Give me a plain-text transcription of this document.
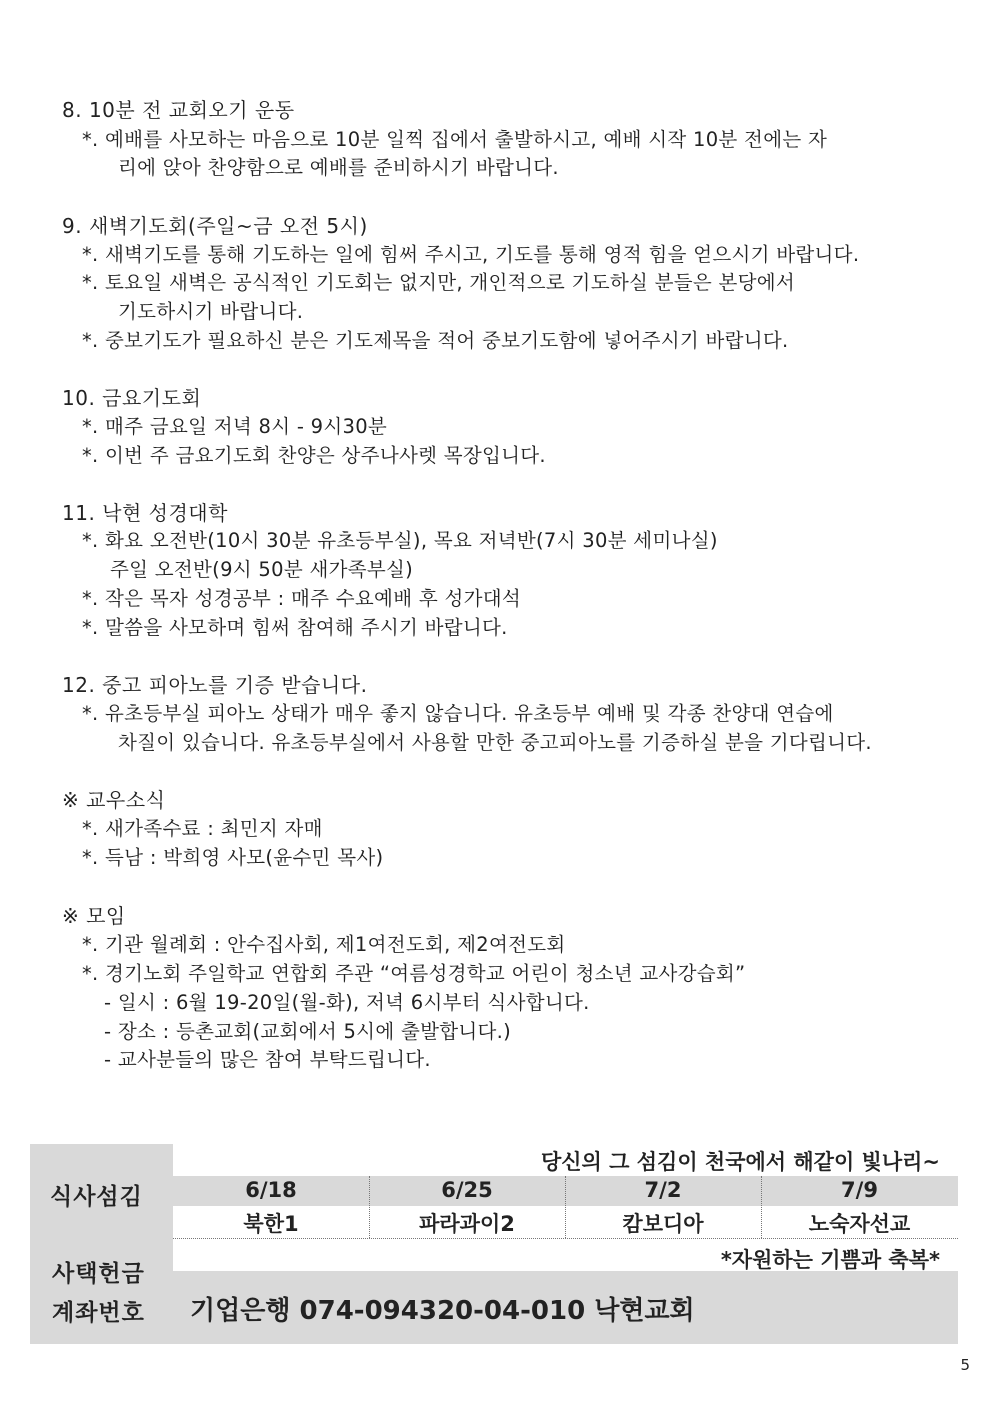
8. 10분 전 교회오기 운동
*. 예배를 사모하는 마음으로 10분 일찍 집에서 출발하시고, 예배 시작 10분 전에는 자
리에 앉아 찬양함으로 예배를 준비하시기 바랍니다.
9. 새벽기도회(주일~금 오전 5시)
*. 새벽기도를 통해 기도하는 일에 힘써 주시고, 기도를 통해 영적 힘을 얻으시기 바랍니다.
*. 토요일 새벽은 공식적인 기도회는 없지만, 개인적으로 기도하실 분들은 본당에서
기도하시기 바랍니다.
*. 중보기도가 필요하신 분은 기도제목을 적어 중보기도함에 넣어주시기 바랍니다.
10. 금요기도회
*. 매주 금요일 저녁 8시 - 9시30분
*. 이번 주 금요기도회 찬양은 상주나사렛 목장입니다.
11. 낙현 성경대학
*. 화요 오전반(10시 30분 유초등부실), 목요 저녁반(7시 30분 세미나실)
주일 오전반(9시 50분 새가족부실)
*. 작은 목자 성경공부 : 매주 수요예배 후 성가대석
*. 말씀을 사모하며 힘써 참여해 주시기 바랍니다.
12. 중고 피아노를 기증 받습니다.
*. 유초등부실 피아노 상태가 매우 좋지 않습니다. 유초등부 예배 및 각종 찬양대 연습에
차질이 있습니다. 유초등부실에서 사용할 만한 중고피아노를 기증하실 분을 기다립니다.
※ 교우소식
*. 새가족수료 : 최민지 자매
*. 득남 : 박희영 사모(윤수민 목사)
※ 모임
*. 기관 월례회 : 안수집사회, 제1여전도회, 제2여전도회
*. 경기노회 주일학교 연합회 주관 “여름성경학교 어린이 청소년 교사강습회”
- 일시 : 6월 19-20일(월-화), 저녁 6시부터 식사합니다.
- 장소 : 등촌교회(교회에서 5시에 출발합니다.)
- 교사분들의 많은 참여 부탁드립니다.
식사섬김
당신의 그 섬김이 천국에서 해같이 빛나리~
6/18	6/25	7/2	7/9
북한1	파라과이2	캄보디아	노숙자선교
사택헌금
*자원하는 기쁨과 축복*
계좌번호 기업은행 074-094320-04-010 낙현교회
5
